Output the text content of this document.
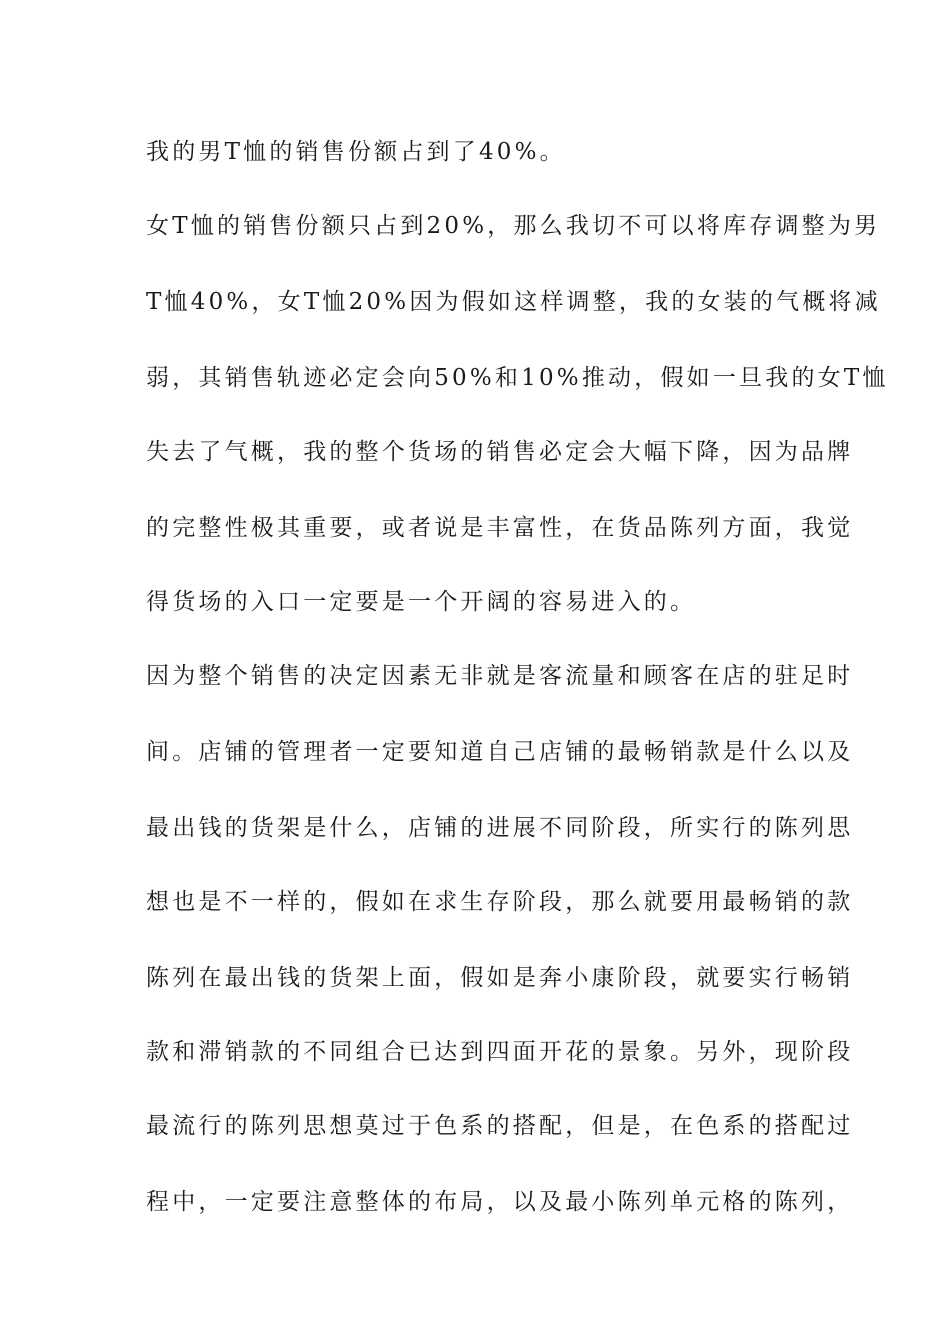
我的男T恤的销售份额占到了40%。
女T恤的销售份额只占到20%，那么我切不可以将库存调整为男
T恤40%，女T恤20%因为假如这样调整，我的女装的气概将减
弱，其销售轨迹必定会向50%和10%推动，假如一旦我的女T恤
失去了气概，我的整个货场的销售必定会大幅下降，因为品牌
的完整性极其重要，或者说是丰富性，在货品陈列方面，我觉
得货场的入口一定要是一个开阔的容易进入的。
因为整个销售的决定因素无非就是客流量和顾客在店的驻足时
间。店铺的管理者一定要知道自己店铺的最畅销款是什么以及
最出钱的货架是什么，店铺的进展不同阶段，所实行的陈列思
想也是不一样的，假如在求生存阶段，那么就要用最畅销的款
陈列在最出钱的货架上面，假如是奔小康阶段，就要实行畅销
款和滞销款的不同组合已达到四面开花的景象。另外，现阶段
最流行的陈列思想莫过于色系的搭配，但是，在色系的搭配过
程中，一定要注意整体的布局，以及最小陈列单元格的陈列，
